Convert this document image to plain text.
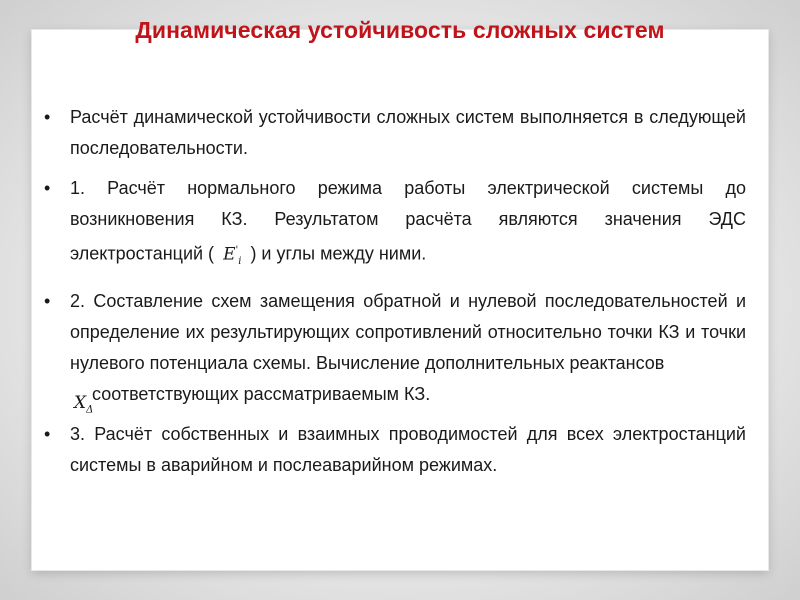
Динамическая устойчивость сложных систем
• Расчёт динамической устойчивости сложных систем выполняется в следующей последовательности.
• 1. Расчёт нормального режима работы электрической системы до возникновения КЗ. Результатом расчёта являются значения ЭДС электростанций ( $E'_i$ ) и углы между ними.
• 2. Составление схем замещения обратной и нулевой последовательностей и определение их результирующих сопротивлений относительно точки КЗ и точки нулевого потенциала схемы. Вычисление дополнительных реактансов

$X_\Delta$
соответствующих рассматриваемым КЗ.
• 3. Расчёт собственных и взаимных проводимостей для всех электростанций системы в аварийном и послеаварийном режимах.
